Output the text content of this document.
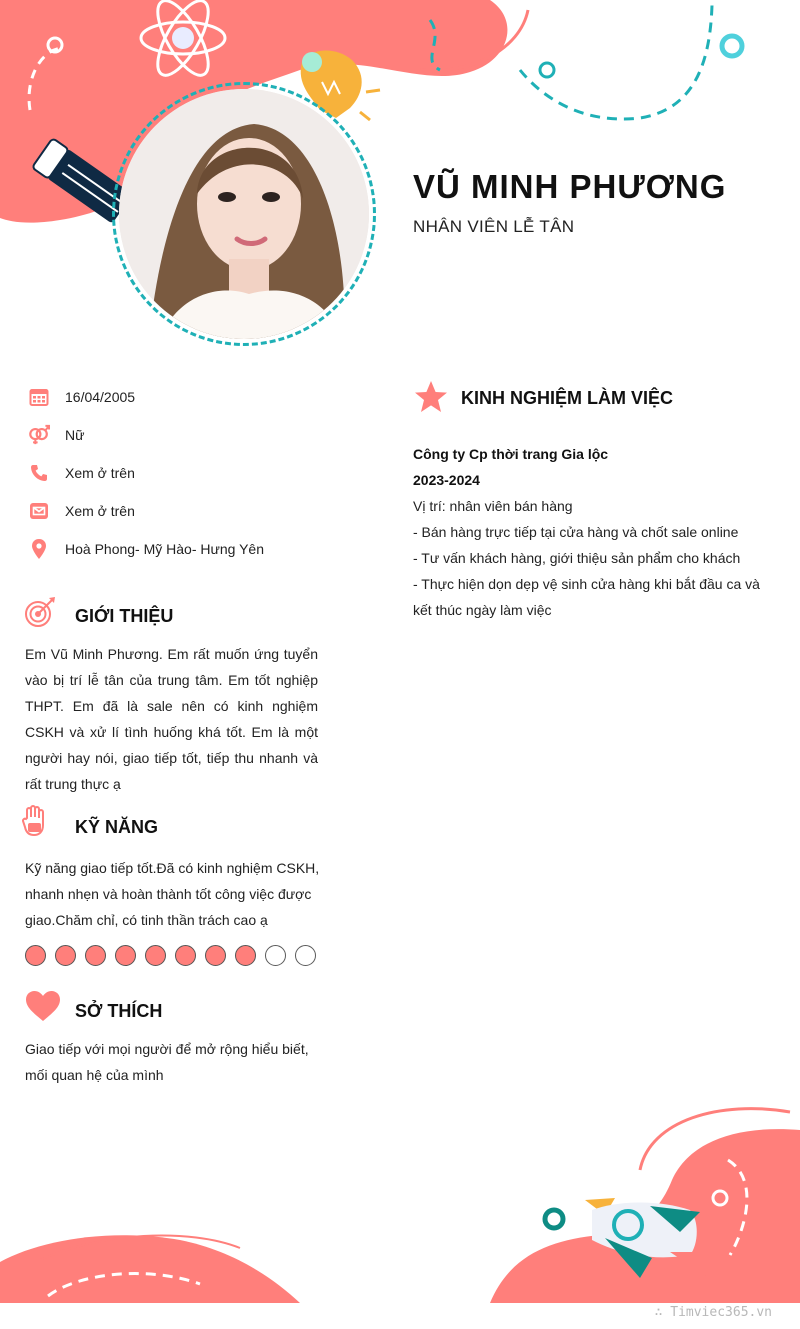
VŨ MINH PHƯƠNG
NHÂN VIÊN LỄ TÂN
16/04/2005
Nữ
Xem ở trên
Xem ở trên
Hoà Phong- Mỹ Hào- Hưng Yên
GIỚI THIỆU
Em Vũ Minh Phương. Em rất muốn ứng tuyển vào bị trí lễ tân của trung tâm. Em tốt nghiệp THPT. Em đã là sale nên có kinh nghiệm CSKH và xử lí tình huống khá tốt. Em là một người hay nói, giao tiếp tốt, tiếp thu nhanh và rất trung thực ạ
KỸ NĂNG
Kỹ năng giao tiếp tốt.Đã có kinh nghiệm CSKH, nhanh nhẹn và hoàn thành tốt công việc được giao.Chăm chỉ, có tinh thần trách cao ạ
SỞ THÍCH
Giao tiếp với mọi người để mở rộng hiểu biết, mối quan hệ của mình
KINH NGHIỆM LÀM VIỆC
Công ty Cp thời trang Gia lộc
2023-2024
Vị trí: nhân viên bán hàng
- Bán hàng trực tiếp tại cửa hàng và chốt sale online
- Tư vấn khách hàng, giới thiệu sản phẩm cho khách
- Thực hiện dọn dẹp vệ sinh cửa hàng khi bắt đầu ca và kết thúc ngày làm việc
∴ Timviec365.vn
